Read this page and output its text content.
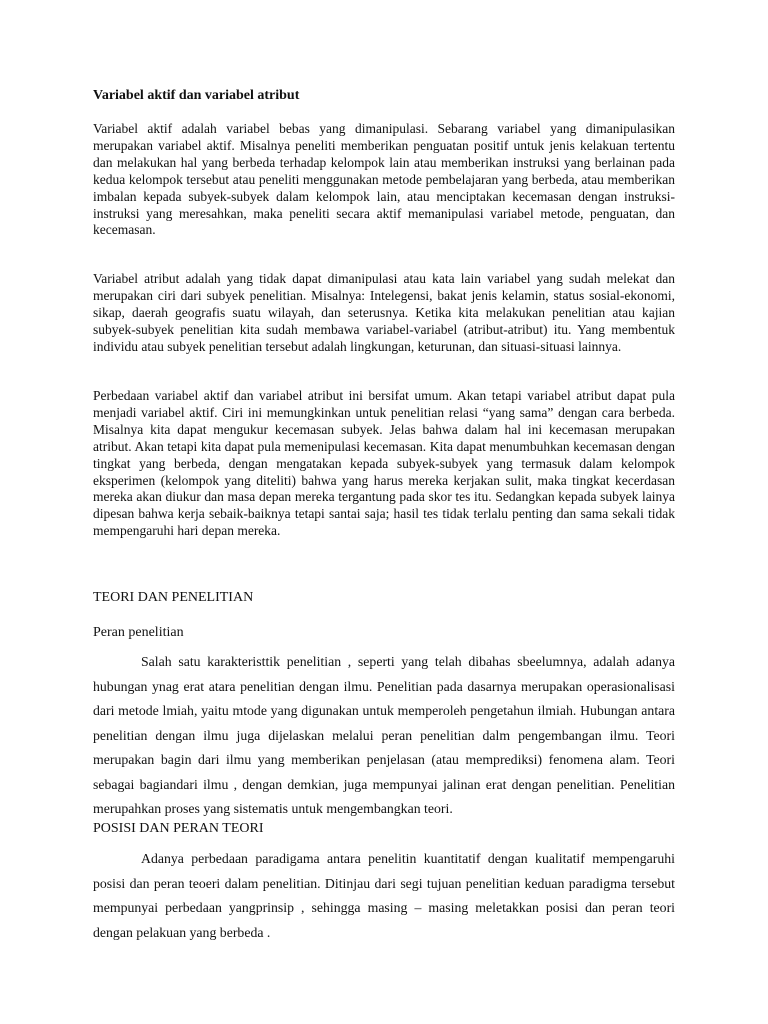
Variabel aktif dan variabel atribut

Variabel aktif adalah variabel bebas yang dimanipulasi. Sebarang variabel yang dimanipulasikan merupakan variabel aktif. Misalnya peneliti memberikan penguatan positif untuk jenis kelakuan tertentu dan melakukan hal yang berbeda terhadap kelompok lain atau memberikan instruksi yang berlainan pada kedua kelompok tersebut atau peneliti menggunakan metode pembelajaran yang berbeda, atau memberikan imbalan kepada subyek-subyek dalam kelompok lain, atau menciptakan kecemasan dengan instruksi-instruksi yang meresahkan, maka peneliti secara aktif memanipulasi variabel metode, penguatan, dan kecemasan.

Variabel atribut adalah yang tidak dapat dimanipulasi atau kata lain variabel yang sudah melekat dan merupakan ciri dari subyek penelitian. Misalnya: Intelegensi, bakat jenis kelamin, status sosial-ekonomi, sikap, daerah geografis suatu wilayah, dan seterusnya. Ketika kita melakukan penelitian atau kajian subyek-subyek penelitian kita sudah membawa variabel-variabel (atribut-atribut) itu. Yang membentuk individu atau subyek penelitian tersebut adalah lingkungan, keturunan, dan situasi-situasi lainnya.

Perbedaan variabel aktif dan variabel atribut ini bersifat umum. Akan tetapi variabel atribut dapat pula menjadi variabel aktif. Ciri ini memungkinkan untuk penelitian relasi “yang sama” dengan cara berbeda. Misalnya kita dapat mengukur kecemasan subyek. Jelas bahwa dalam hal ini kecemasan merupakan atribut. Akan tetapi kita dapat pula memenipulasi kecemasan. Kita dapat menumbuhkan kecemasan dengan tingkat yang berbeda, dengan mengatakan kepada subyek-subyek yang termasuk dalam kelompok eksperimen (kelompok yang diteliti) bahwa yang harus mereka kerjakan sulit, maka tingkat kecerdasan mereka akan diukur dan masa depan mereka tergantung pada skor tes itu. Sedangkan kepada subyek lainya dipesan bahwa kerja sebaik-baiknya tetapi santai saja; hasil tes tidak terlalu penting dan sama sekali tidak mempengaruhi hari depan mereka.

TEORI DAN PENELITIAN
Peran penelitian

Salah satu karakteristtik penelitian , seperti yang telah dibahas sbeelumnya, adalah adanya hubungan ynag erat atara penelitian dengan ilmu. Penelitian pada dasarnya merupakan operasionalisasi dari metode lmiah, yaitu mtode yang digunakan untuk memperoleh pengetahun ilmiah. Hubungan antara penelitian dengan ilmu juga dijelaskan melalui peran penelitian dalm pengembangan ilmu. Teori merupakan bagin dari ilmu yang memberikan penjelasan (atau memprediksi) fenomena alam. Teori sebagai bagiandari ilmu , dengan demkian, juga mempunyai jalinan erat dengan penelitian. Penelitian merupahkan proses yang sistematis untuk mengembangkan teori.

POSISI DAN PERAN TEORI

Adanya perbedaan paradigama antara penelitin kuantitatif dengan kualitatif mempengaruhi posisi dan peran teoeri dalam penelitian. Ditinjau dari segi tujuan penelitian keduan paradigma tersebut mempunyai perbedaan yangprinsip , sehingga masing – masing meletakkan posisi dan peran teori dengan pelakuan yang berbeda .
